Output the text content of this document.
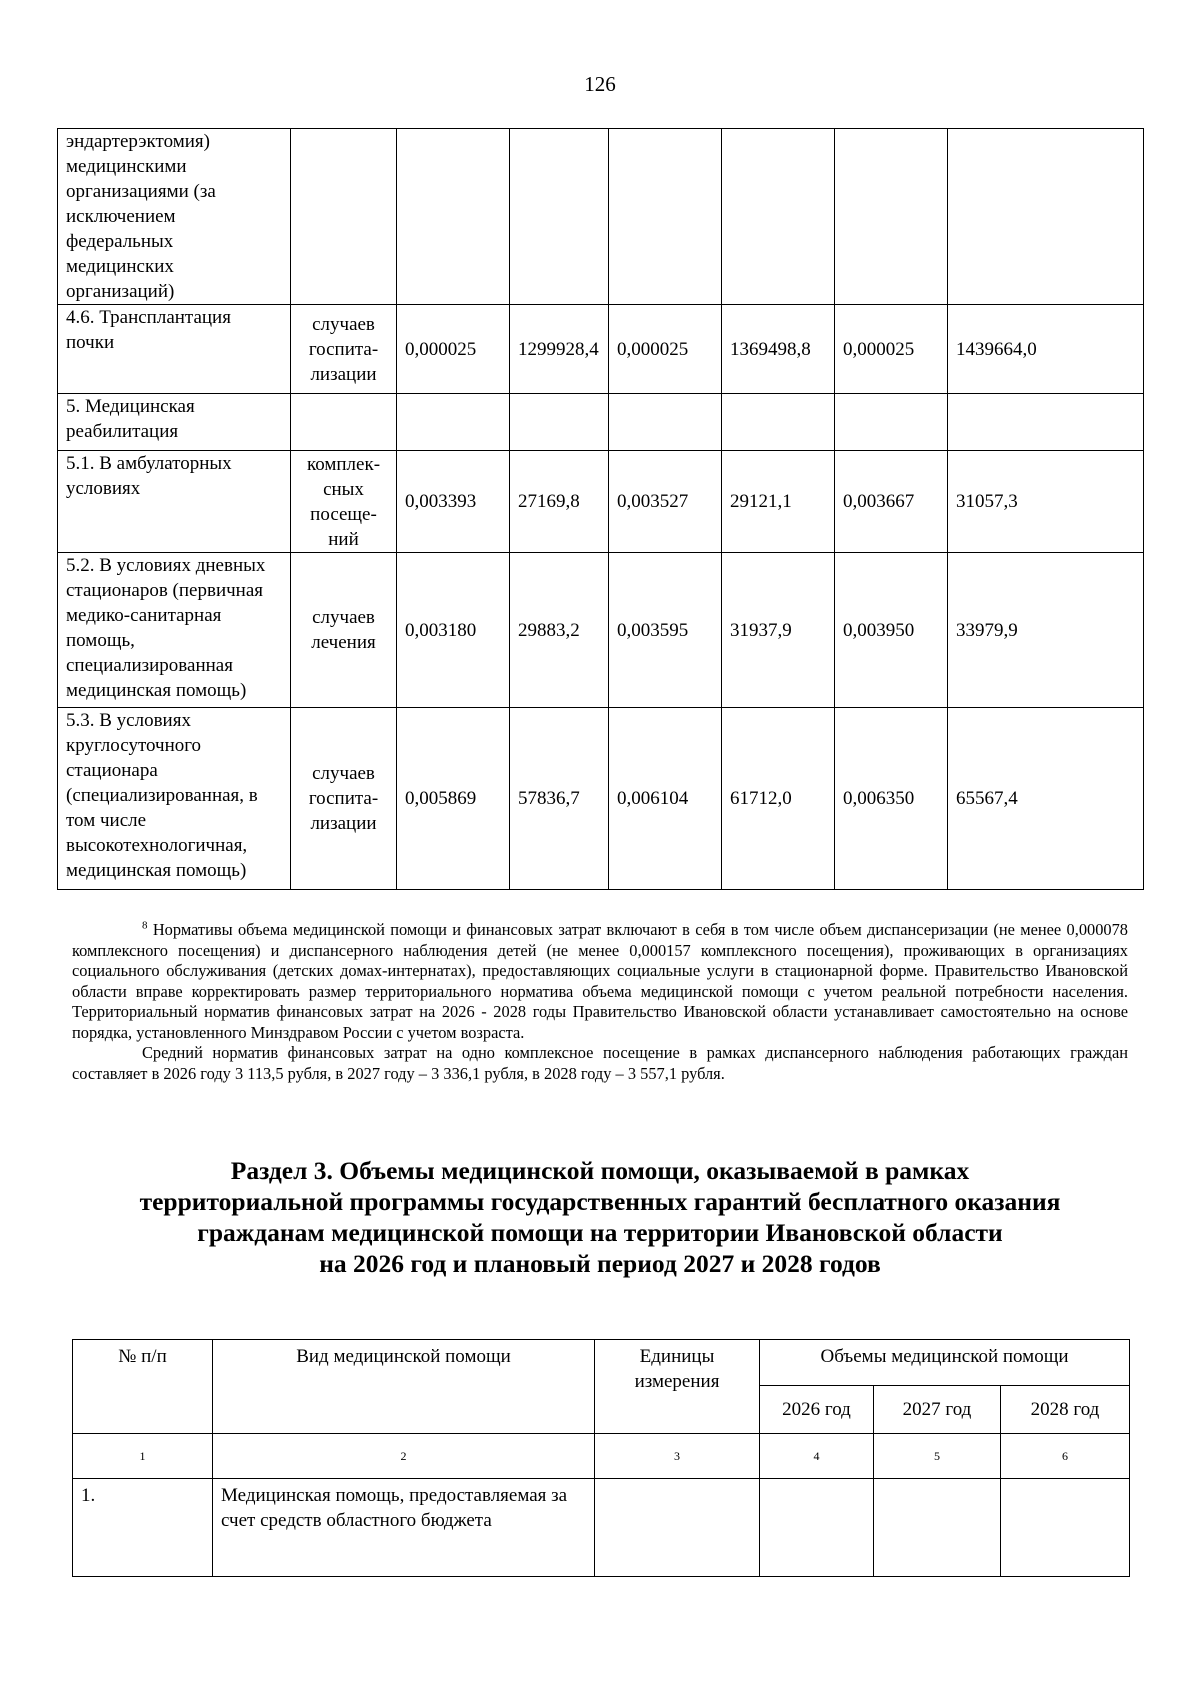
126
эндартерэктомия) медицинскими организациями (за исключением федеральных медицинских организаций)							
4.6. Трансплантация почки	случаев госпита-лизации	0,000025	1299928,4	0,000025	1369498,8	0,000025	1439664,0
5. Медицинская реабилитация							
5.1. В амбулаторных условиях	комплек-сных посеще-ний	0,003393	27169,8	0,003527	29121,1	0,003667	31057,3
5.2. В условиях дневных стационаров (первичная медико-санитарная помощь, специализированная медицинская помощь)	случаев лечения	0,003180	29883,2	0,003595	31937,9	0,003950	33979,9
5.3. В условиях круглосуточного стационара (специализированная, в том числе высокотехнологичная, медицинская помощь)	случаев госпита-лизации	0,005869	57836,7	0,006104	61712,0	0,006350	65567,4

$^8$ Нормативы объема медицинской помощи и финансовых затрат включают в себя в том числе объем диспансеризации (не менее 0,000078 комплексного посещения) и диспансерного наблюдения детей (не менее 0,000157 комплексного посещения), проживающих в организациях социального обслуживания (детских домах-интернатах), предоставляющих социальные услуги в стационарной форме. Правительство Ивановской области вправе корректировать размер территориального норматива объема медицинской помощи с учетом реальной потребности населения. Территориальный норматив финансовых затрат на 2026 - 2028 годы Правительство Ивановской области устанавливает самостоятельно на основе порядка, установленного Минздравом России с учетом возраста.

Средний норматив финансовых затрат на одно комплексное посещение в рамках диспансерного наблюдения работающих граждан составляет в 2026 году 3 113,5 рубля, в 2027 году – 3 336,1 рубля, в 2028 году – 3 557,1 рубля.

Раздел 3. Объемы медицинской помощи, оказываемой в рамках
территориальной программы государственных гарантий бесплатного оказания
гражданам медицинской помощи на территории Ивановской области
на 2026 год и плановый период 2027 и 2028 годов
№ п/п	Вид медицинской помощи	Единицы измерения	Объемы медицинской помощи		
			2026 год	2027 год	2028 год
1	2	3	4	5	6
1.	Медицинская помощь, предоставляемая за счет средств областного бюджета				
